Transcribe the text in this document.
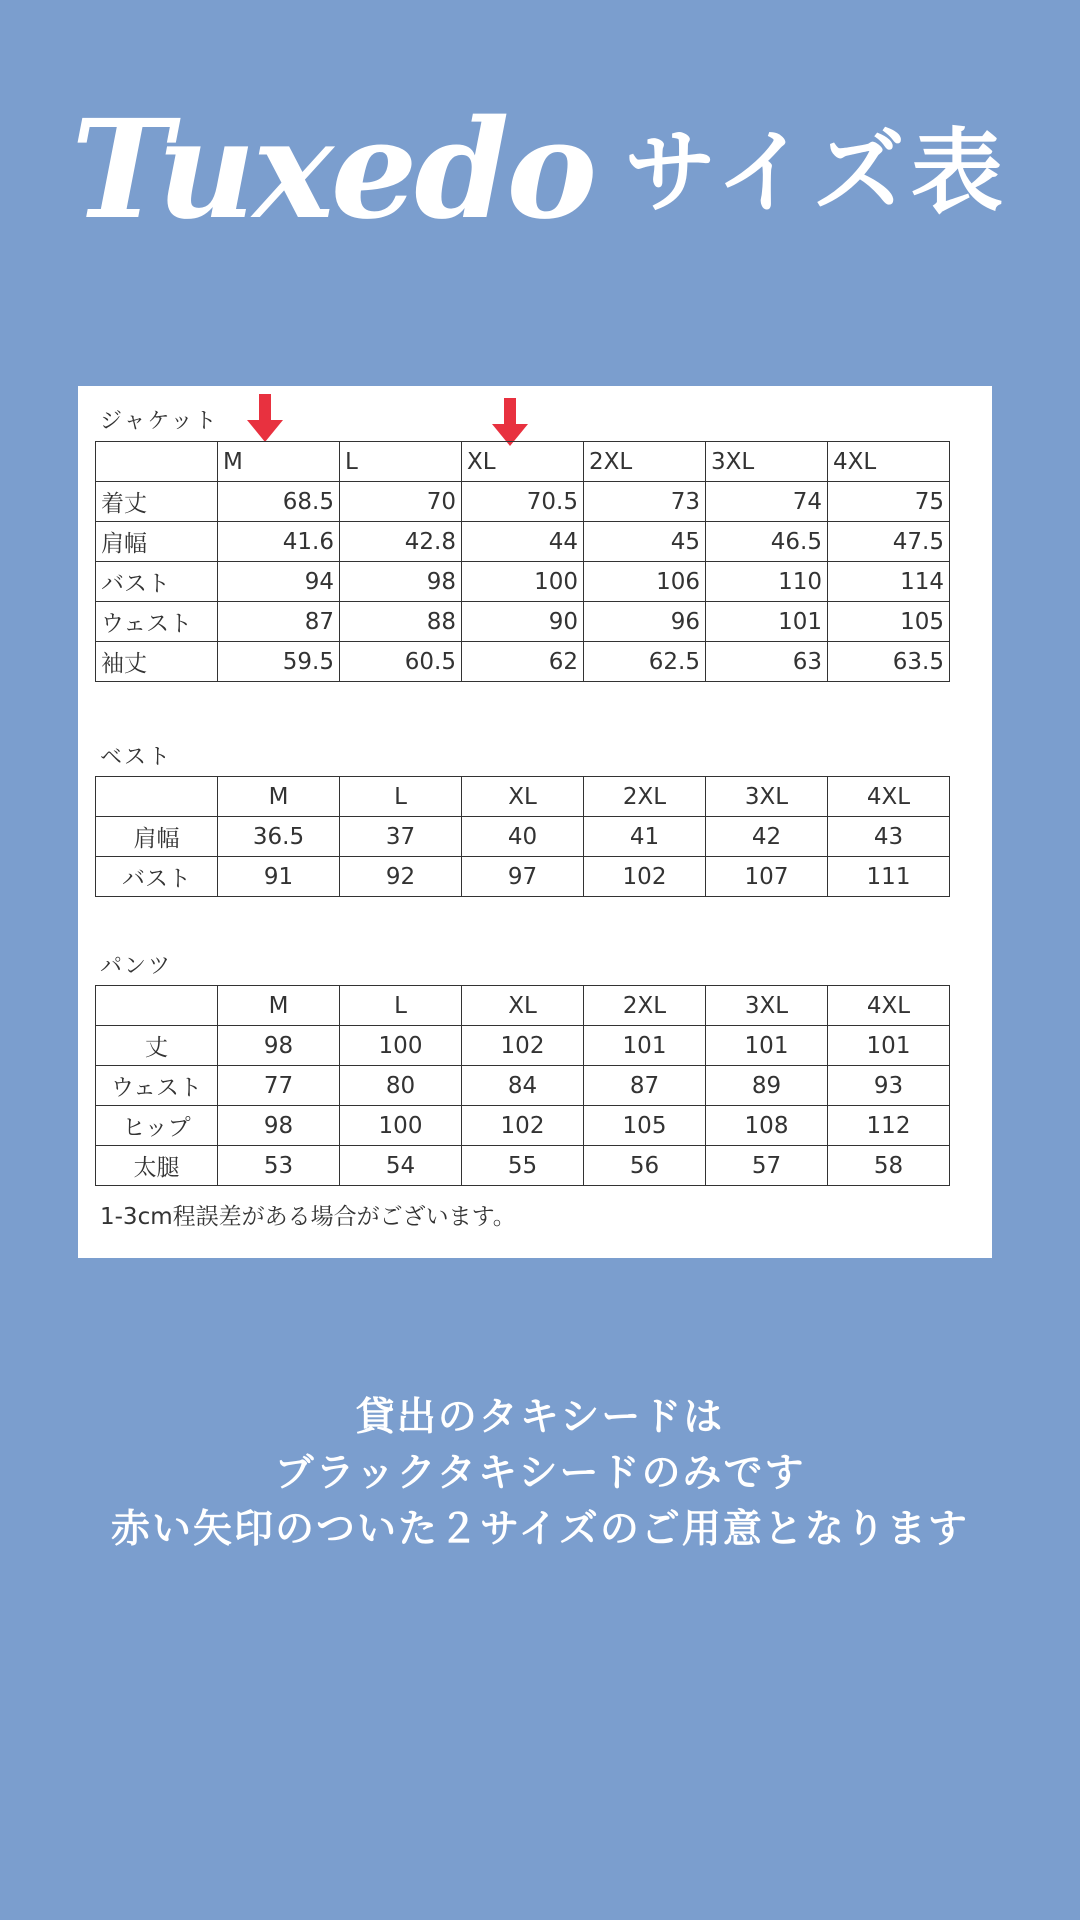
Tuxedo サイズ表
ジャケット
	M	L	XL	2XL	3XL	4XL
着丈	68.5	70	70.5	73	74	75
肩幅	41.6	42.8	44	45	46.5	47.5
バスト	94	98	100	106	110	114
ウェスト	87	88	90	96	101	105
袖丈	59.5	60.5	62	62.5	63	63.5
ベスト
	M	L	XL	2XL	3XL	4XL
肩幅	36.5	37	40	41	42	43
バスト	91	92	97	102	107	111
パンツ
	M	L	XL	2XL	3XL	4XL
丈	98	100	102	101	101	101
ウェスト	77	80	84	87	89	93
ヒップ	98	100	102	105	108	112
太腿	53	54	55	56	57	58
1-3cm程誤差がある場合がございます。
貸出のタキシードは
ブラックタキシードのみです
赤い矢印のついた２サイズのご用意となります
